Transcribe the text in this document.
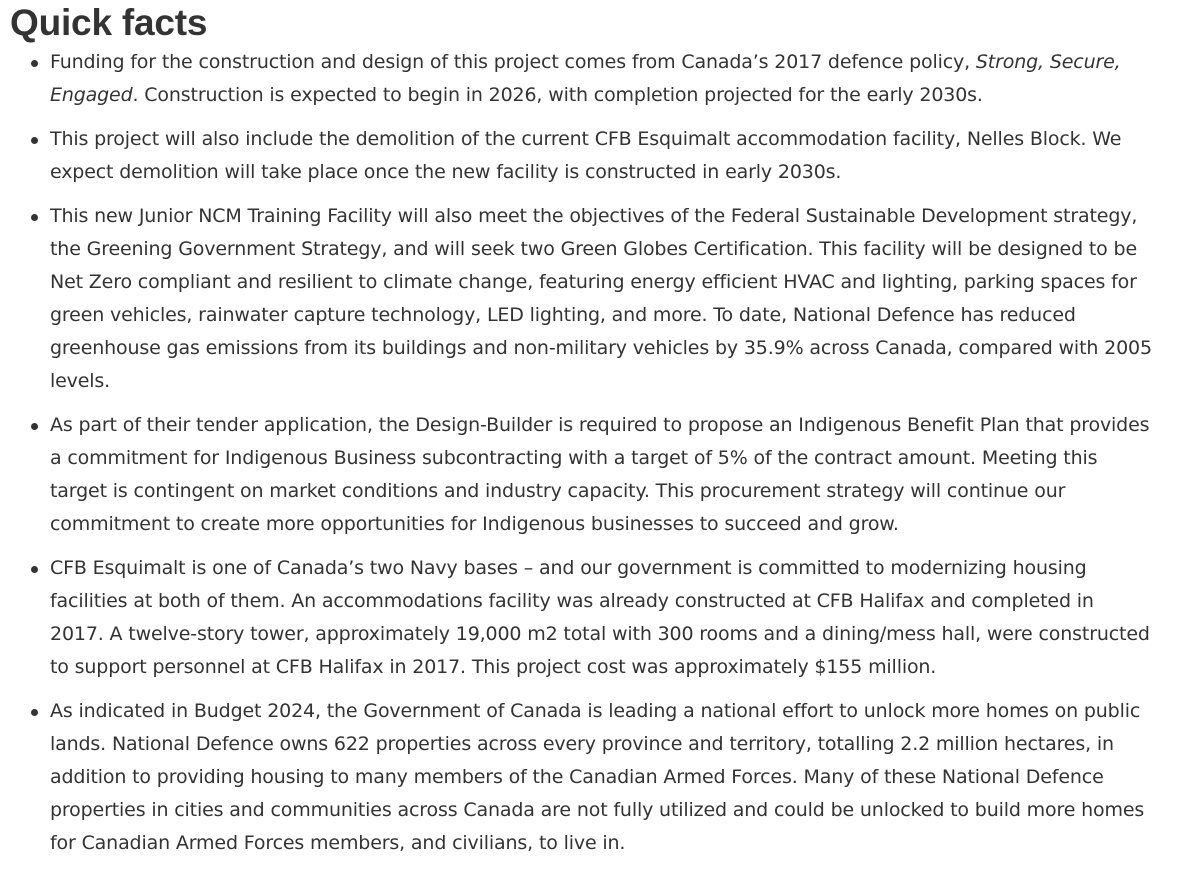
Quick facts
Funding for the construction and design of this project comes from Canada’s 2017 defence policy, Strong, Secure, Engaged. Construction is expected to begin in 2026, with completion projected for the early 2030s.
This project will also include the demolition of the current CFB Esquimalt accommodation facility, Nelles Block. We expect demolition will take place once the new facility is constructed in early 2030s.
This new Junior NCM Training Facility will also meet the objectives of the Federal Sustainable Development strategy, the Greening Government Strategy, and will seek two Green Globes Certification. This facility will be designed to be Net Zero compliant and resilient to climate change, featuring energy efficient HVAC and lighting, parking spaces for green vehicles, rainwater capture technology, LED lighting, and more. To date, National Defence has reduced greenhouse gas emissions from its buildings and non-military vehicles by 35.9% across Canada, compared with 2005 levels.
As part of their tender application, the Design-Builder is required to propose an Indigenous Benefit Plan that provides a commitment for Indigenous Business subcontracting with a target of 5% of the contract amount. Meeting this target is contingent on market conditions and industry capacity. This procurement strategy will continue our commitment to create more opportunities for Indigenous businesses to succeed and grow.
CFB Esquimalt is one of Canada’s two Navy bases – and our government is committed to modernizing housing facilities at both of them. An accommodations facility was already constructed at CFB Halifax and completed in 2017. A twelve-story tower, approximately 19,000 m2 total with 300 rooms and a dining/mess hall, were constructed to support personnel at CFB Halifax in 2017. This project cost was approximately $155 million.
As indicated in Budget 2024, the Government of Canada is leading a national effort to unlock more homes on public lands. National Defence owns 622 properties across every province and territory, totalling 2.2 million hectares, in addition to providing housing to many members of the Canadian Armed Forces. Many of these National Defence properties in cities and communities across Canada are not fully utilized and could be unlocked to build more homes for Canadian Armed Forces members, and civilians, to live in.
